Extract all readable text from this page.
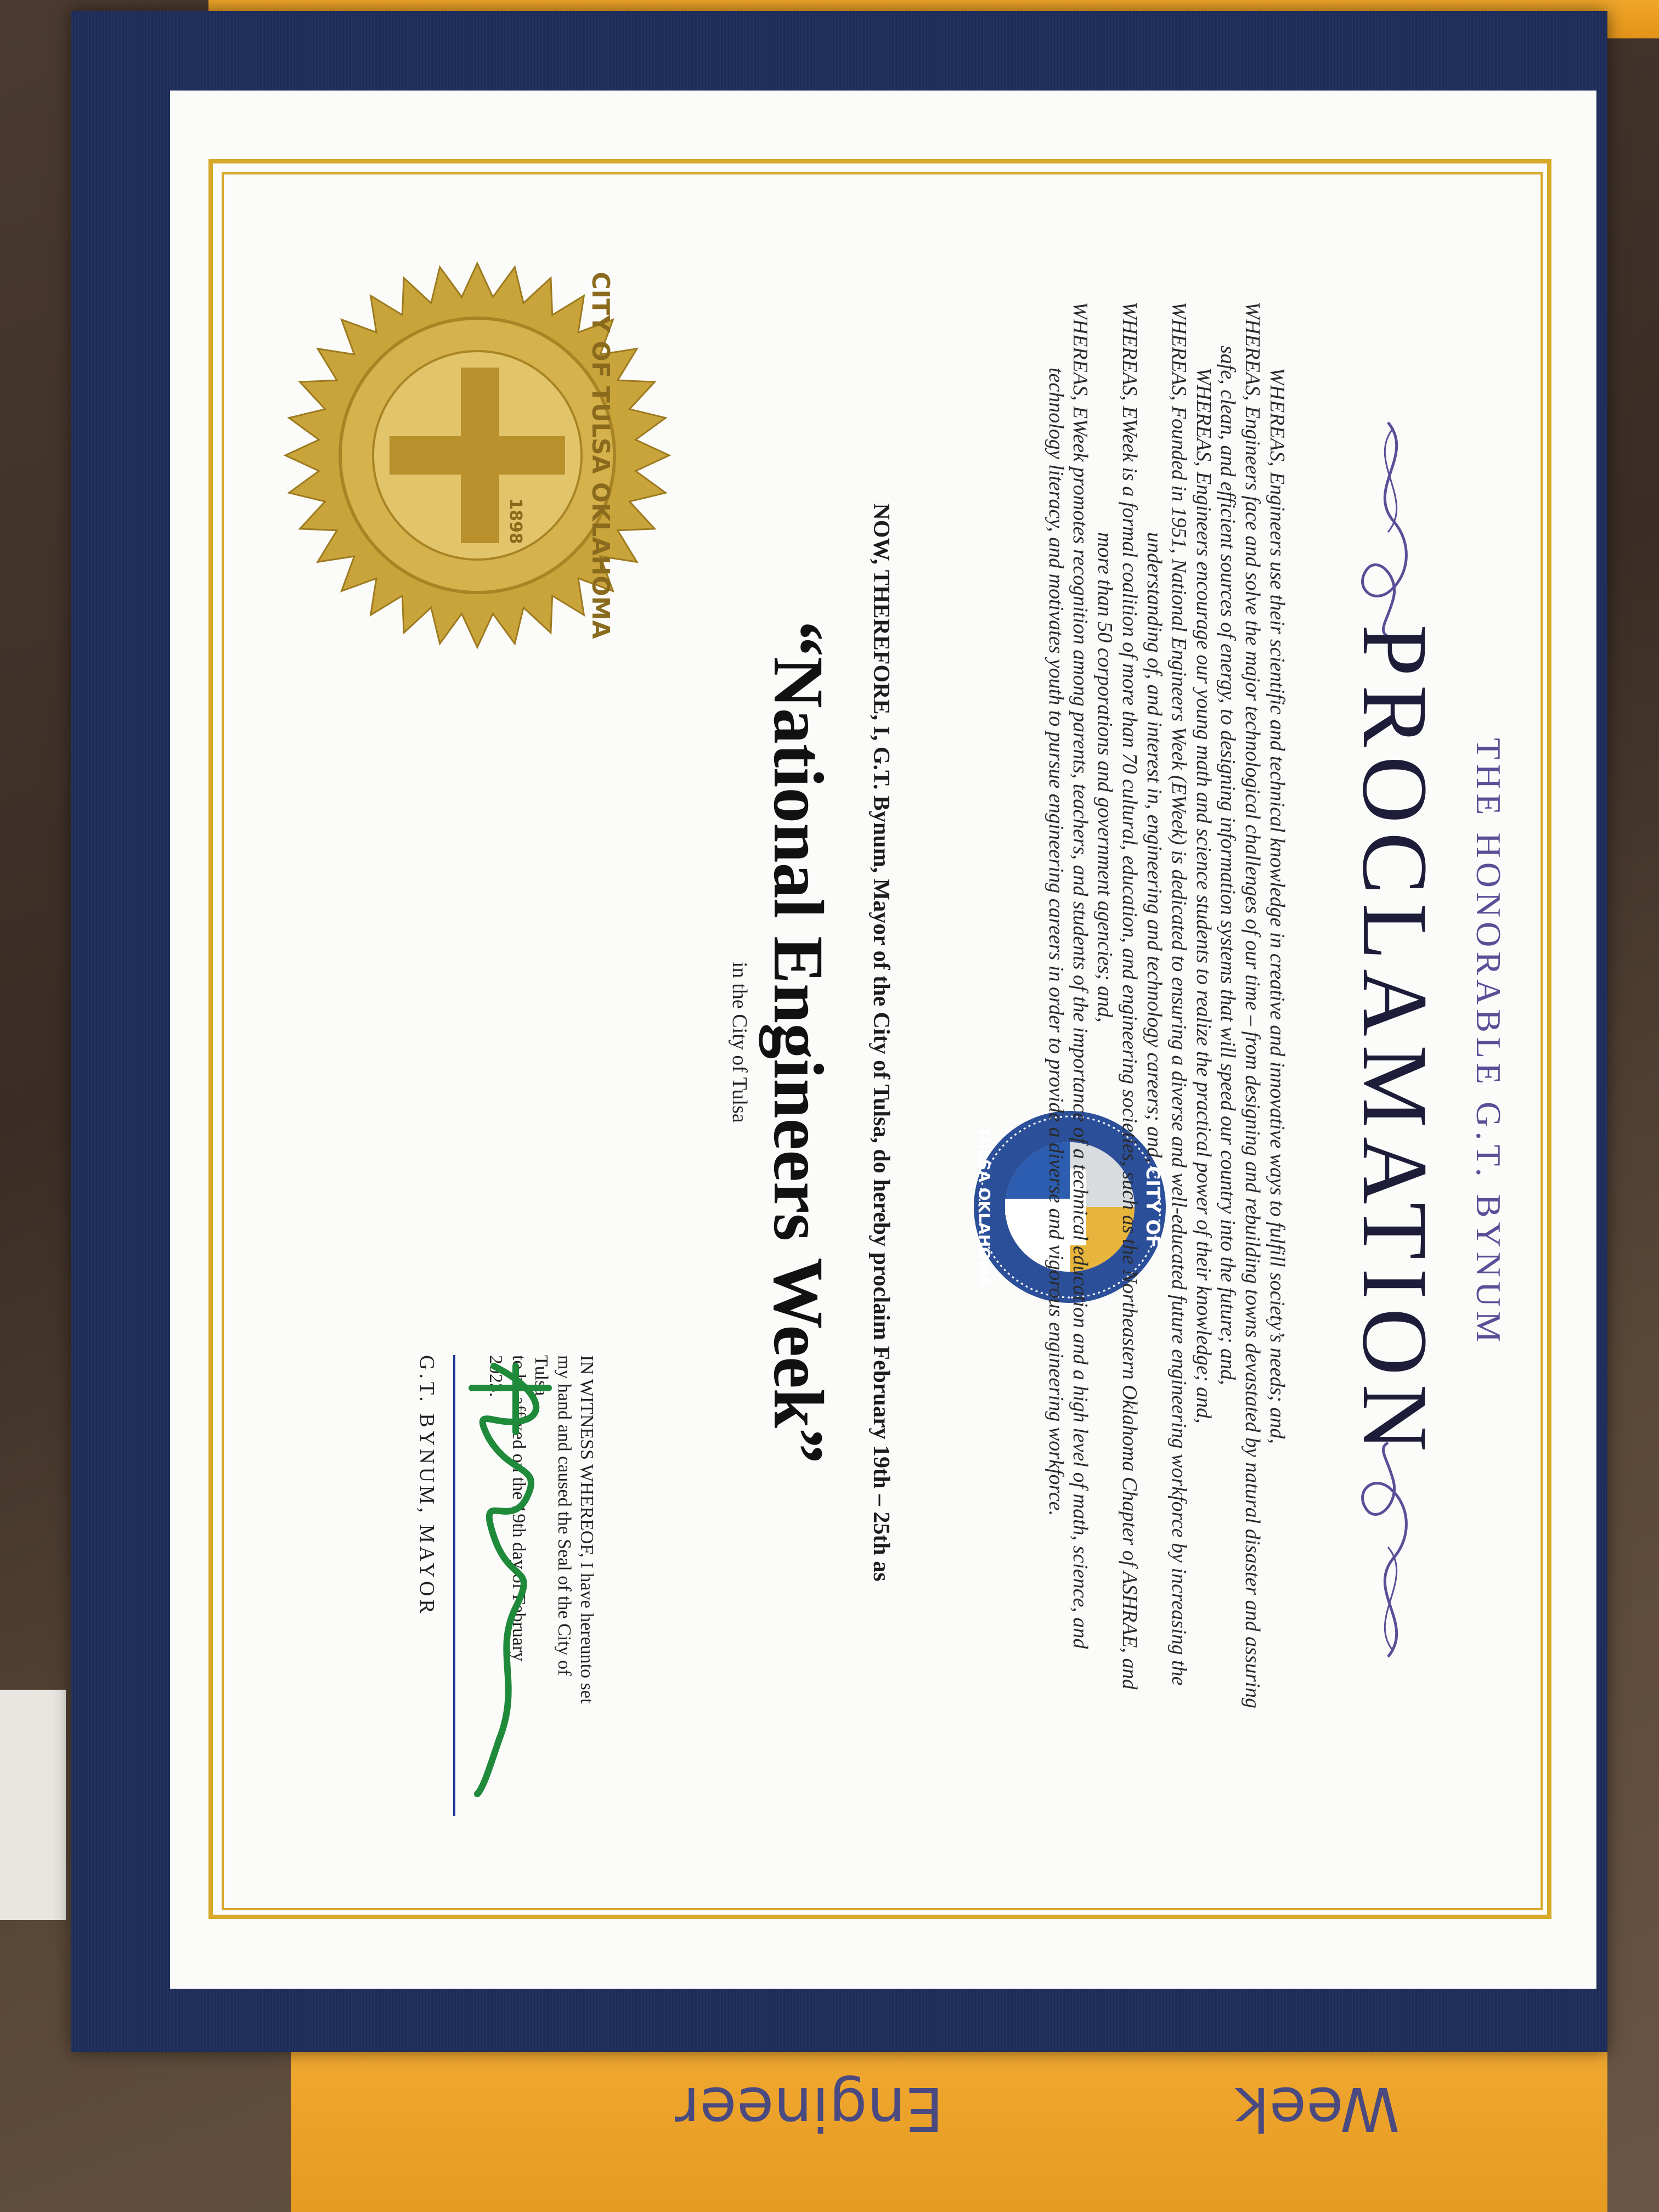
Engineer	Week
THE HONORABLE G.T. BYNUM
PROCLAMATION
CITY OF
TULSA OKLAHOMA	WHEREAS, Engineers use their scientific and technical knowledge in creative and innovative ways to fulfill society’s needs; and,

WHEREAS, Engineers face and solve the major technological challenges of our time – from designing and rebuilding towns devastated by natural disaster and assuring

safe, clean, and efficient sources of energy, to designing information systems that will speed our country into the future; and,

WHEREAS, Engineers encourage our young math and science students to realize the practical power of their knowledge; and,

WHEREAS, Founded in 1951, National Engineers Week (EWeek) is dedicated to ensuring a diverse and well-educated future engineering workforce by increasing the

understanding of, and interest in, engineering and technology careers; and,

WHEREAS, EWeek is a formal coalition of more than 70 cultural, education, and engineering societies, such as the Northeastern Oklahoma Chapter of ASHRAE, and

more than 50 corporations and government agencies; and,

WHEREAS, EWeek promotes recognition among parents, teachers, and students of the importance of a technical education and a high level of math, science, and

technology literacy, and motivates youth to pursue engineering careers in order to provide a diverse and vigorous engineering workforce.

NOW, THEREFORE, I, G.T. Bynum, Mayor of the City of Tulsa, do hereby proclaim February 19th – 25th as
“National Engineers Week”
in the City of Tulsa
CITY OF TULSA OKLAHOMA
1898
IN WITNESS WHEREOF, I have hereunto set
my hand and caused the Seal of the City of Tulsa
to be affixed on the 19th day of February 2023.
G.T. BYNUM, MAYOR
